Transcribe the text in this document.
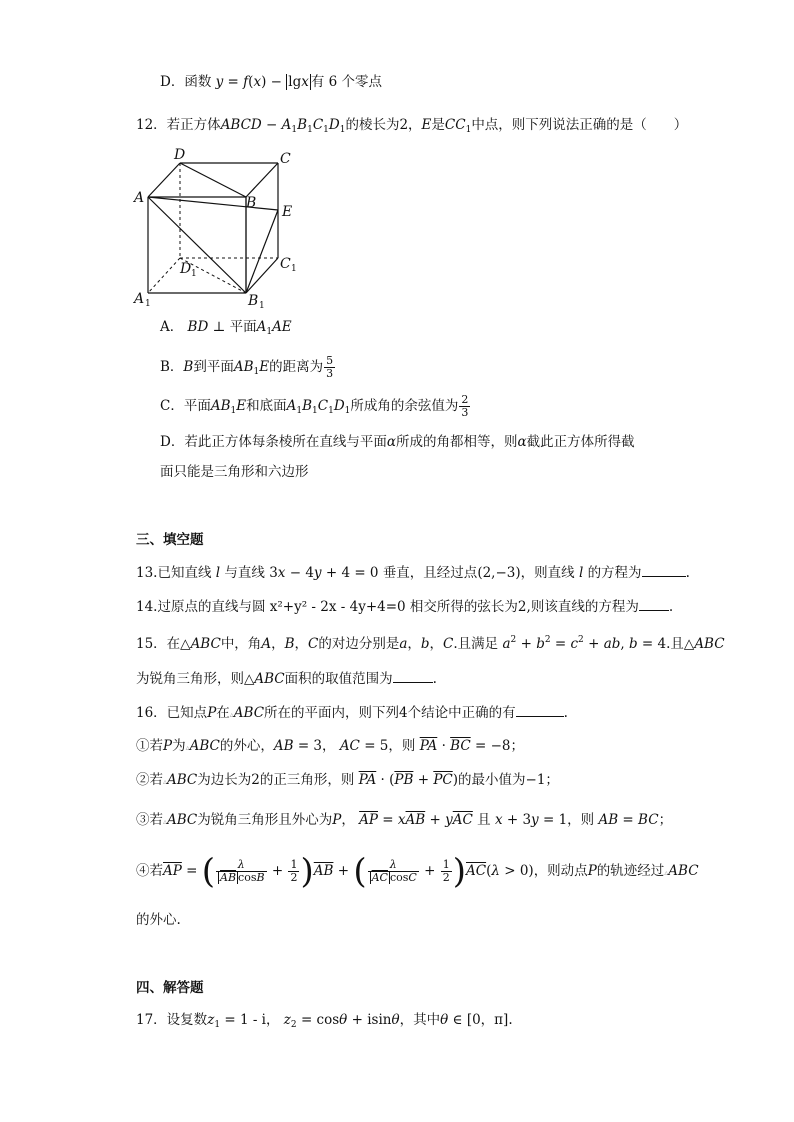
D．函数 y = f(x) − lgx 有 6 个零点
12．若正方体ABCD − $A_1B_1C_1D_1$的棱长为2，E是$CC_1$中点，则下列说法正确的是（　　）
D	C
A	B
E
D 1
C 1
A 1	B 1
A． BD ⊥ 平面$A_1AE$
B．B到平面$AB_1E$的距离为 $\frac{5}{3}$
C．平面$AB_1E$和底面$A_1B_1C_1D_1$所成角的余弦值为 $\frac{2}{3}$
D．若此正方体每条棱所在直线与平面α所成的角都相等，则α截此正方体所得截
面只能是三角形和六边形
三、填空题
13.已知直线 l 与直线 3x − 4y + 4 = 0 垂直，且经过点(2,−3)，则直线 l 的方程为	.
14.过原点的直线与圆 x²+y² - 2x - 4y+4=0 相交所得的弦长为2,则该直线的方程为 .
15．在△ABC中，角A，B，C的对边分别是a，b，C.且满足 $a^2 + b^2 = c^2$ + ab, b = 4.且△ABC
为锐角三角形，则△ABC面积的取值范围为	.
16．已知点P在▵ABC所在的平面内，则下列4个结论中正确的有	.
①若P为▵ABC的外心，AB = 3， AC = 5，则 $\overline{PA} \cdot \overline{BC} = -8$；
②若▵ABC为边长为2的正三角形，则 $\overline{PA} \cdot (\overline{PB} + \overline{PC})$的最小值为−1；
③若▵ABC为锐角三角形且外心为P， $\overline{AP} = x\overline{AB} + y\overline{AC}$ 且 x + 3y = 1，则 AB = BC；
④若$\overline{AP}$ = ( $\frac{\lambda}{\overline{AB} \cos B} + \frac{1}{2} )\overline{AB}$ + ( $\frac{\lambda}{\overline{AC} \cos C} + \frac{1}{2} )\overline{AC}(\lambda > 0)$，则动点P的轨迹经过▵ABC
的外心.
四、解答题
17．设复数$z_1 = 1 - i$， $z_2 = \cos\theta + isin\theta$，其中θ ∈ [0，π].
